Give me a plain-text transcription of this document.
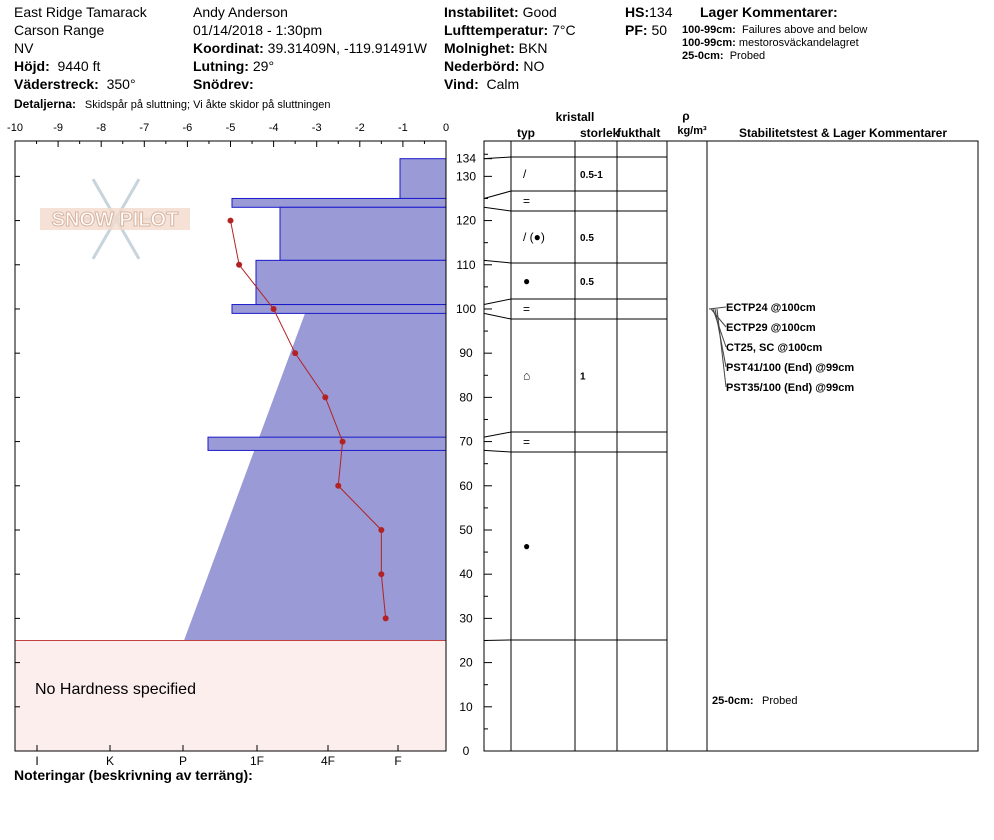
East Ridge Tamarack
Carson Range
NV
Höjd: 9440 ft
Väderstreck: 350°
Detaljerna: Skidspår på sluttning; Vi åkte skidor på sluttningen
Andy Anderson
01/14/2018 - 1:30pm
Koordinat: 39.31409N, -119.91491W
Lutning: 29°
Snödrev:
Instabilitet: Good
Lufttemperatur: 7°C
Molnighet: BKN
Nederbörd: NO
Vind: Calm
HS:134
PF: 50
Lager Kommentarer:
100-99cm: Failures above and below
100-99cm: mestorosväckandelagret
25-0cm: Probed
Noteringar (beskrivning av terräng):
-10	-9	-8	-7	-6	-5	-4	-3	-2	-1	0
I	K	P	1F	4F	F
SNOW PILOT
134
130
120
110
100
90
80
70
60
50
40
30
20
10
0
kristall
typ	storlek
fukthalt
ρ
kg/m³	Stabilitetstest & Lager Kommentarer
/	0.5-1
=
/ (●)	0.5
●	0.5
=
⌂	1
=
●
ECTP24 @100cm
ECTP29 @100cm
CT25, SC @100cm
PST41/100 (End) @99cm
PST35/100 (End) @99cm
25-0cm: Probed
No Hardness specified
